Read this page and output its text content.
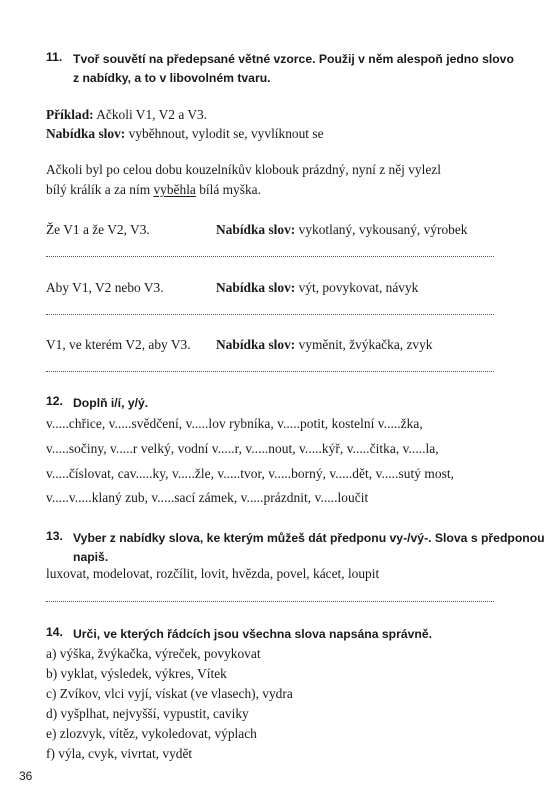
11. Tvoř souvětí na předepsané větné vzorce. Použij v něm alespoň jedno slovo
z nabídky, a to v libovolném tvaru.
Příklad: Ačkoli V1, V2 a V3.
Nabídka slov: vyběhnout, vylodit se, vyvlíknout se
Ačkoli byl po celou dobu kouzelníkův klobouk prázdný, nyní z něj vylezl
bílý králík a za ním vyběhla bílá myška.
Že V1 a že V2, V3.	Nabídka slov: vykotlaný, vykousaný, výrobek
Aby V1, V2 nebo V3.	Nabídka slov: výt, povykovat, návyk
V1, ve kterém V2, aby V3. Nabídka slov: vyměnit, žvýkačka, zvyk
12. Doplň i/í, y/ý.
v.....chřice, v.....svědčení, v.....lov rybníka, v.....potit, kostelní v.....žka,
v.....sočiny, v.....r velký, vodní v.....r, v.....nout, v.....kýř, v.....čitka, v.....la,
v.....číslovat, cav.....ky, v.....žle, v.....tvor, v.....borný, v.....dět, v.....sutý most,
v.....v.....klaný zub, v.....sací zámek, v.....prázdnit, v.....loučit
13. Vyber z nabídky slova, ke kterým můžeš dát předponu vy-/vý-. Slova s předponou
napiš.
luxovat, modelovat, rozčílit, lovit, hvězda, povel, kácet, loupit
14. Urči, ve kterých řádcích jsou všechna slova napsána správně.
a) výška, žvýkačka, výreček, povykovat
b) vyklat, výsledek, výkres, Vítek
c) Zvíkov, vlci vyjí, vískat (ve vlasech), vydra
d) vyšplhat, nejvyšší, vypustit, caviky
e) zlozvyk, vítěz, vykoledovat, výplach
f) výla, cvyk, vivrtat, vydět
36
